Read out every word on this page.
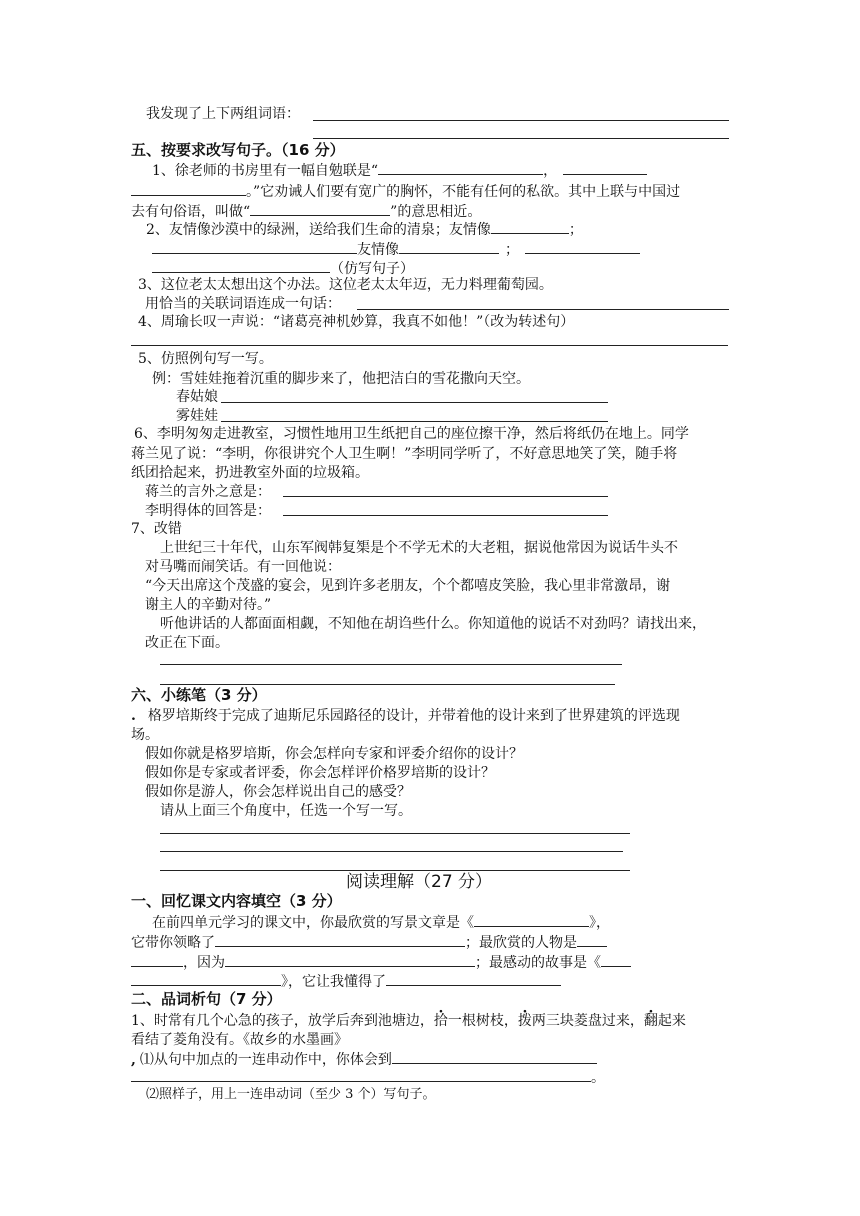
我发现了上下两组词语：
五、按要求改写句子。（16 分）
1、徐老师的书房里有一幅自勉联是“	，
。”它劝诫人们要有宽广的胸怀，不能有任何的私欲。其中上联与中国过
去有句俗语，叫做“	”的意思相近。
2、友情像沙漠中的绿洲，送给我们生命的清泉；友情像	；
友情像	；
（仿写句子）
3、这位老太太想出这个办法。这位老太太年迈，无力料理葡萄园。
用恰当的关联词语连成一句话：
4、周瑜长叹一声说：“诸葛亮神机妙算，我真不如他！”（改为转述句）
5、仿照例句写一写。
例：雪娃娃拖着沉重的脚步来了，他把洁白的雪花撒向天空。
春姑娘
雾娃娃
6、李明匆匆走进教室，习惯性地用卫生纸把自己的座位擦干净，然后将纸仍在地上。同学
蒋兰见了说：“李明，你很讲究个人卫生啊！”李明同学听了，不好意思地笑了笑，随手将
纸团拾起来，扔进教室外面的垃圾箱。
蒋兰的言外之意是：
李明得体的回答是：
7、改错
上世纪三十年代，山东军阀韩复榘是个不学无术的大老粗，据说他常因为说话牛头不
对马嘴而闹笑话。有一回他说：
“今天出席这个茂盛的宴会，见到许多老朋友，个个都嘻皮笑脸，我心里非常激昂，谢
谢主人的辛勤对待。”
听他讲话的人都面面相觑，不知他在胡诌些什么。你知道他的说话不对劲吗？请找出来，
改正在下面。
六、小练笔（3 分）
. 格罗培斯终于完成了迪斯尼乐园路径的设计，并带着他的设计来到了世界建筑的评选现
场。
假如你就是格罗培斯，你会怎样向专家和评委介绍你的设计？
假如你是专家或者评委，你会怎样评价格罗培斯的设计？
假如你是游人，你会怎样说出自己的感受？
请从上面三个角度中，任选一个写一写。
阅读理解（27 分）
一、回忆课文内容填空（3 分）
在前四单元学习的课文中，你最欣赏的写景文章是《	》，
它带你领略了	；最欣赏的人物是
，因为	；最感动的故事是《
》，它让我懂得了
二、品词析句（7 分）
1、时常有几个心急的孩子，放学后奔到池塘边，拾一根树枝，拨两三块菱盘过来，翻起来
看结了菱角没有。《故乡的水墨画》
, ⑴从句中加点的一连串动作中，你体会到
。
⑵照样子，用上一连串动词（至少 3 个）写句子。
